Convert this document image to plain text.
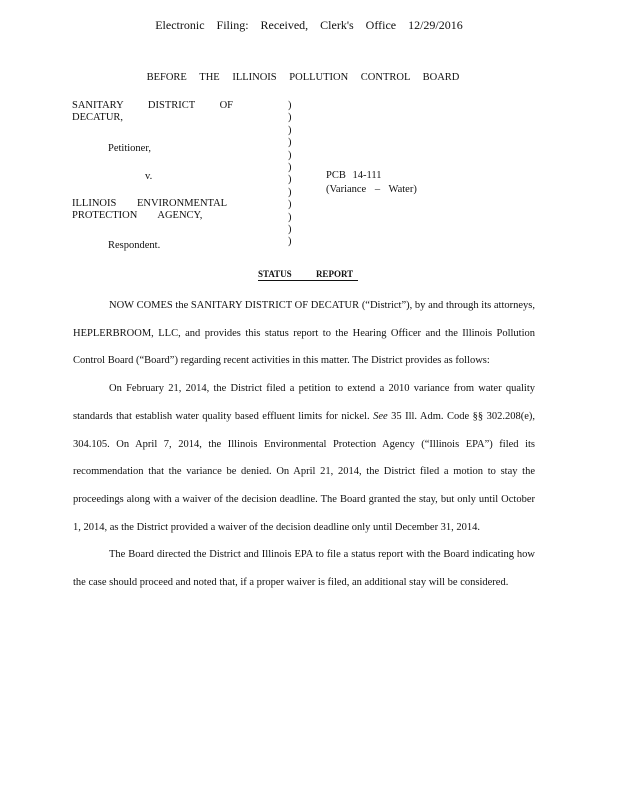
Electronic Filing: Received, Clerk's Office 12/29/2016
BEFORE THE ILLINOIS POLLUTION CONTROL BOARD
SANITARY DISTRICT OF
DECATUR,
Petitioner,
v.
ILLINOIS ENVIRONMENTAL
PROTECTION AGENCY,
Respondent.
)
)
)
)
)
)
)
)
)
)
)
)
PCB 14-111
(Variance – Water)
STATUS	REPORT

NOW COMES the SANITARY DISTRICT OF DECATUR (“District”), by and through its attorneys, HEPLERBROOM, LLC, and provides this status report to the Hearing Officer and the Illinois Pollution Control Board (“Board”) regarding recent activities in this matter. The District provides as follows:

On February 21, 2014, the District filed a petition to extend a 2010 variance from water quality standards that establish water quality based effluent limits for nickel. See 35 Ill. Adm. Code §§ 302.208(e), 304.105. On April 7, 2014, the Illinois Environmental Protection Agency (“Illinois EPA”) filed its recommendation that the variance be denied. On April 21, 2014, the District filed a motion to stay the proceedings along with a waiver of the decision deadline. The Board granted the stay, but only until October 1, 2014, as the District provided a waiver of the decision deadline only until December 31, 2014.

The Board directed the District and Illinois EPA to file a status report with the Board indicating how the case should proceed and noted that, if a proper waiver is filed, an additional stay will be considered.
